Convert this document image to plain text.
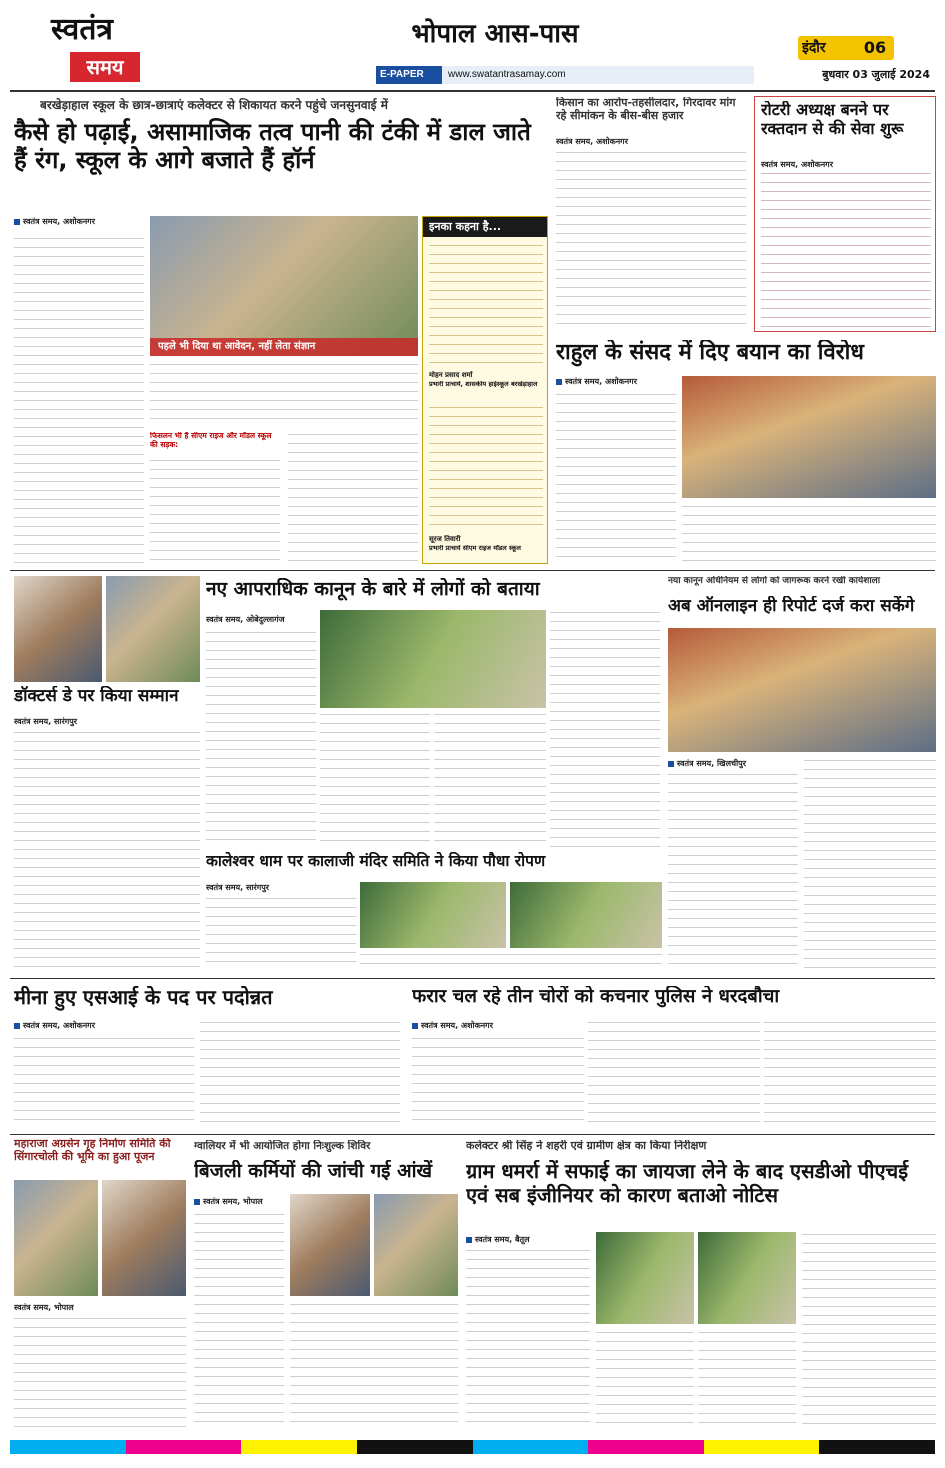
स्वतंत्र
समय
भोपाल आस-पास	इंदौर	06
E-PAPER	www.swatantrasamay.com	बुधवार 03 जुलाई 2024
बरखेड़ाहाल स्कूल के छात्र-छात्राएं कलेक्टर से शिकायत करने पहुंचे जनसुनवाई में
कैसे हो पढ़ाई, असामाजिक तत्व पानी की टंकी में डाल जाते हैं रंग, स्कूल के आगे बजाते हैं हॉर्न
स्वतंत्र समय, अशोकनगर
पहले भी दिया था आवेदन, नहीं लेता संज्ञान
फिसलन भी है सीएम राइज और मॉडल स्कूल की सड़क:
इनका कहना है...
मोहन प्रसाद शर्मा
प्रभारी प्राचार्य, शासकीय हाईस्कूल बरखेड़ाहाल
सूरज तिवारी
प्रभारी प्राचार्य सीएम राइज मॉडल स्कूल
किसान का आरोप-तहसीलदार, गिरदावर मांग रहे सीमांकन के बीस-बीस हजार
स्वतंत्र समय, अशोकनगर
रोटरी अध्यक्ष बनने पर रक्तदान से की सेवा शुरू
स्वतंत्र समय, अशोकनगर
राहुल के संसद में दिए बयान का विरोध
स्वतंत्र समय, अशोकनगर
डॉक्टर्स डे पर किया सम्मान
स्वतंत्र समय, सारंगपुर
नए आपराधिक कानून के बारे में लोगों को बताया
स्वतंत्र समय, ओबेदुल्लागंज
नया कानून अधिनियम से लोगों को जागरूक करने रखी कार्यशाला
अब ऑनलाइन ही रिपोर्ट दर्ज करा सकेंगे
स्वतंत्र समय, खिलचीपुर
कालेश्वर धाम पर कालाजी मंदिर समिति ने किया पौधा रोपण
स्वतंत्र समय, सारंगपुर
मीना हुए एसआई के पद पर पदोन्नत
स्वतंत्र समय, अशोकनगर
फरार चल रहे तीन चोरों को कचनार पुलिस ने धरदबौचा
स्वतंत्र समय, अशोकनगर
महाराजा अग्रसेन गृह निर्माण समिति की सिंगारचोली की भूमि का हुआ पूजन
स्वतंत्र समय, भोपाल
ग्वालियर में भी आयोजित होगा निःशुल्क शिविर
बिजली कर्मियों की जांची गई आंखें
स्वतंत्र समय, भोपाल
कलेक्टर श्री सिंह ने शहरी एवं ग्रामीण क्षेत्र का किया निरीक्षण
ग्राम धमर्रा में सफाई का जायजा लेने के बाद एसडीओ पीएचई एवं सब इंजीनियर को कारण बताओ नोटिस
स्वतंत्र समय, बैतूल
